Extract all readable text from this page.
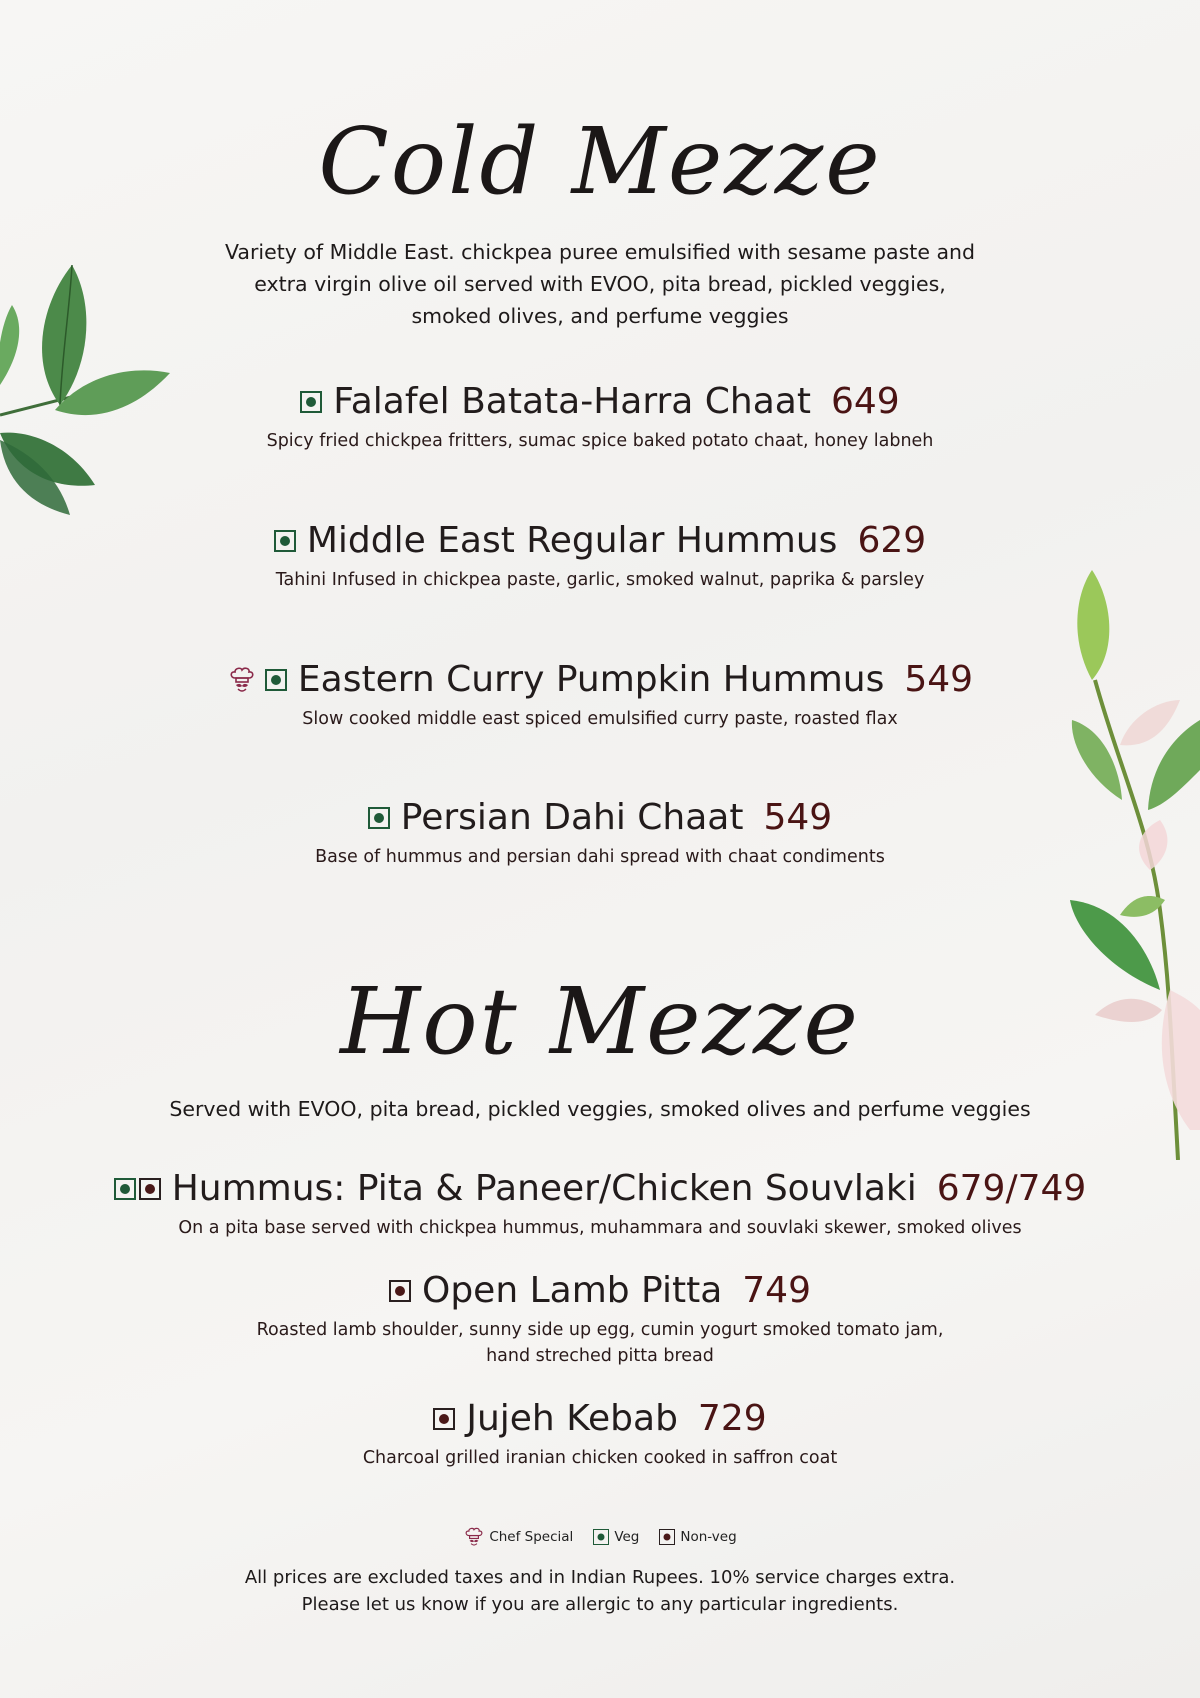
Cold Mezze

Variety of Middle East. chickpea puree emulsified with sesame paste and
extra virgin olive oil served with EVOO, pita bread, pickled veggies,
smoked olives, and perfume veggies

Falafel Batata-Harra Chaat 649
Spicy fried chickpea fritters, sumac spice baked potato chaat, honey labneh
Middle East Regular Hummus 629
Tahini Infused in chickpea paste, garlic, smoked walnut, paprika & parsley
Eastern Curry Pumpkin Hummus 549
Slow cooked middle east spiced emulsified curry paste, roasted flax
Persian Dahi Chaat 549
Base of hummus and persian dahi spread with chaat condiments
Hot Mezze

Served with EVOO, pita bread, pickled veggies, smoked olives and perfume veggies

Hummus: Pita & Paneer/Chicken Souvlaki 679/749
On a pita base served with chickpea hummus, muhammara and souvlaki skewer, smoked olives
Open Lamb Pitta 749
Roasted lamb shoulder, sunny side up egg, cumin yogurt smoked tomato jam,
hand streched pitta bread
Jujeh Kebab 729
Charcoal grilled iranian chicken cooked in saffron coat
Chef Special	Veg	Non-veg
All prices are excluded taxes and in Indian Rupees. 10% service charges extra.
Please let us know if you are allergic to any particular ingredients.
